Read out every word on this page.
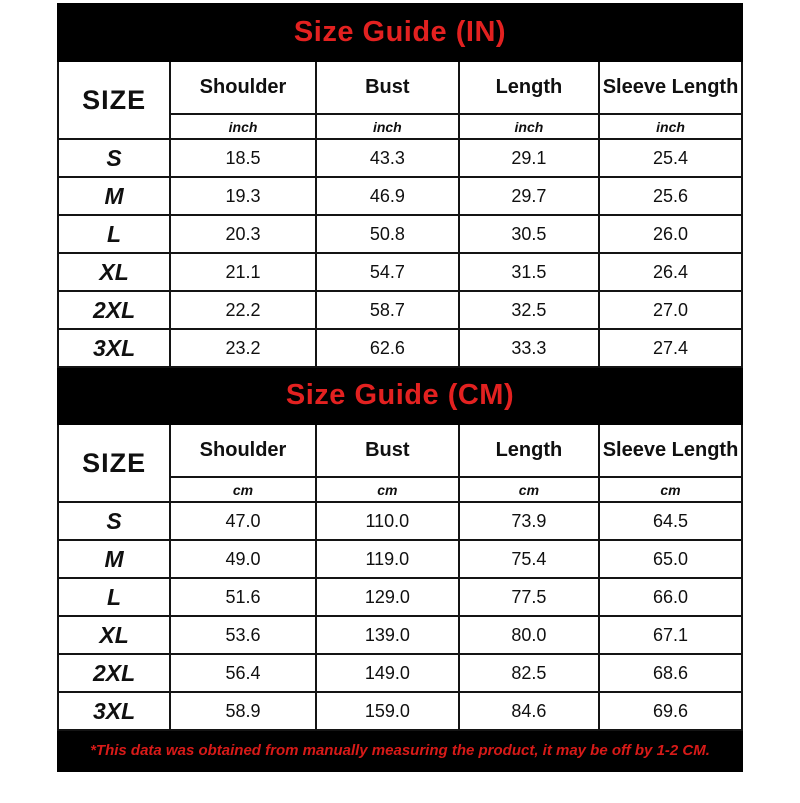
Size Guide (IN)				
SIZE	Shoulder	Bust	Length	Sleeve Length
	inch	inch	inch	inch
S	18.5	43.3	29.1	25.4
M	19.3	46.9	29.7	25.6
L	20.3	50.8	30.5	26.0
XL	21.1	54.7	31.5	26.4
2XL	22.2	58.7	32.5	27.0
3XL	23.2	62.6	33.3	27.4
Size Guide (CM)				
SIZE	Shoulder	Bust	Length	Sleeve Length
	cm	cm	cm	cm
S	47.0	110.0	73.9	64.5
M	49.0	119.0	75.4	65.0
L	51.6	129.0	77.5	66.0
XL	53.6	139.0	80.0	67.1
2XL	56.4	149.0	82.5	68.6
3XL	58.9	159.0	84.6	69.6
*This data was obtained from manually measuring the product, it may be off by 1-2 CM.				
